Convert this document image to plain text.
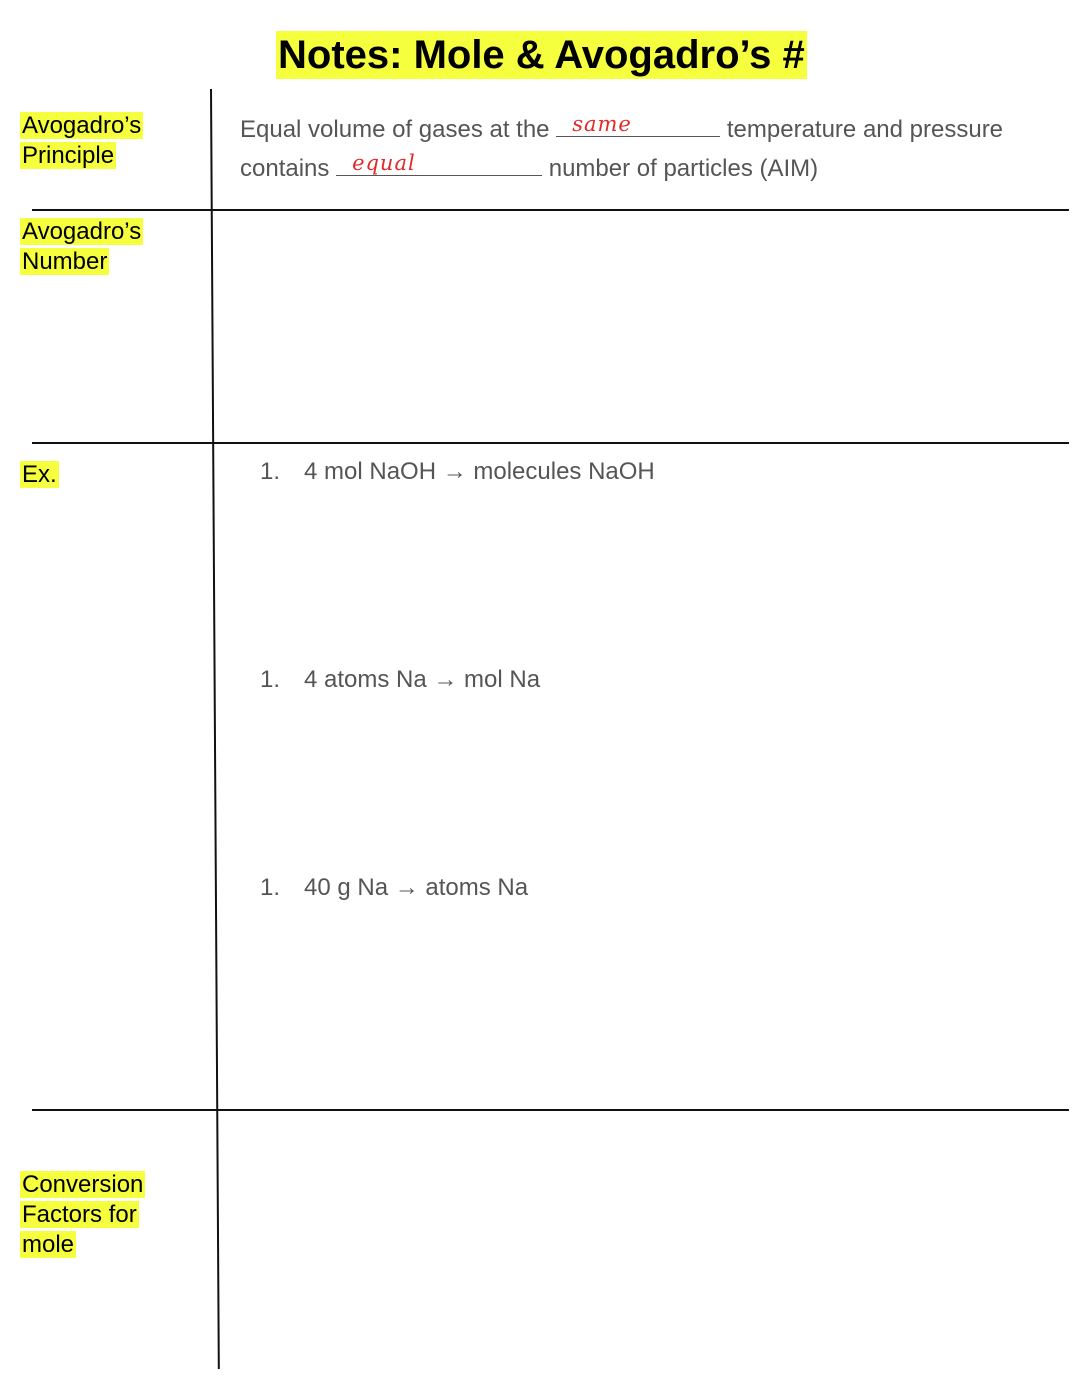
Notes: Mole & Avogadro’s #
Avogadro’s Principle
Equal volume of gases at the same	temperature and pressure
contains equal	number of particles (AIM)
Avogadro’s Number
Ex.	1. 4 mol NaOH → molecules NaOH
1. 4 atoms Na → mol Na
1. 40 g Na → atoms Na
Conversion Factors for mole
